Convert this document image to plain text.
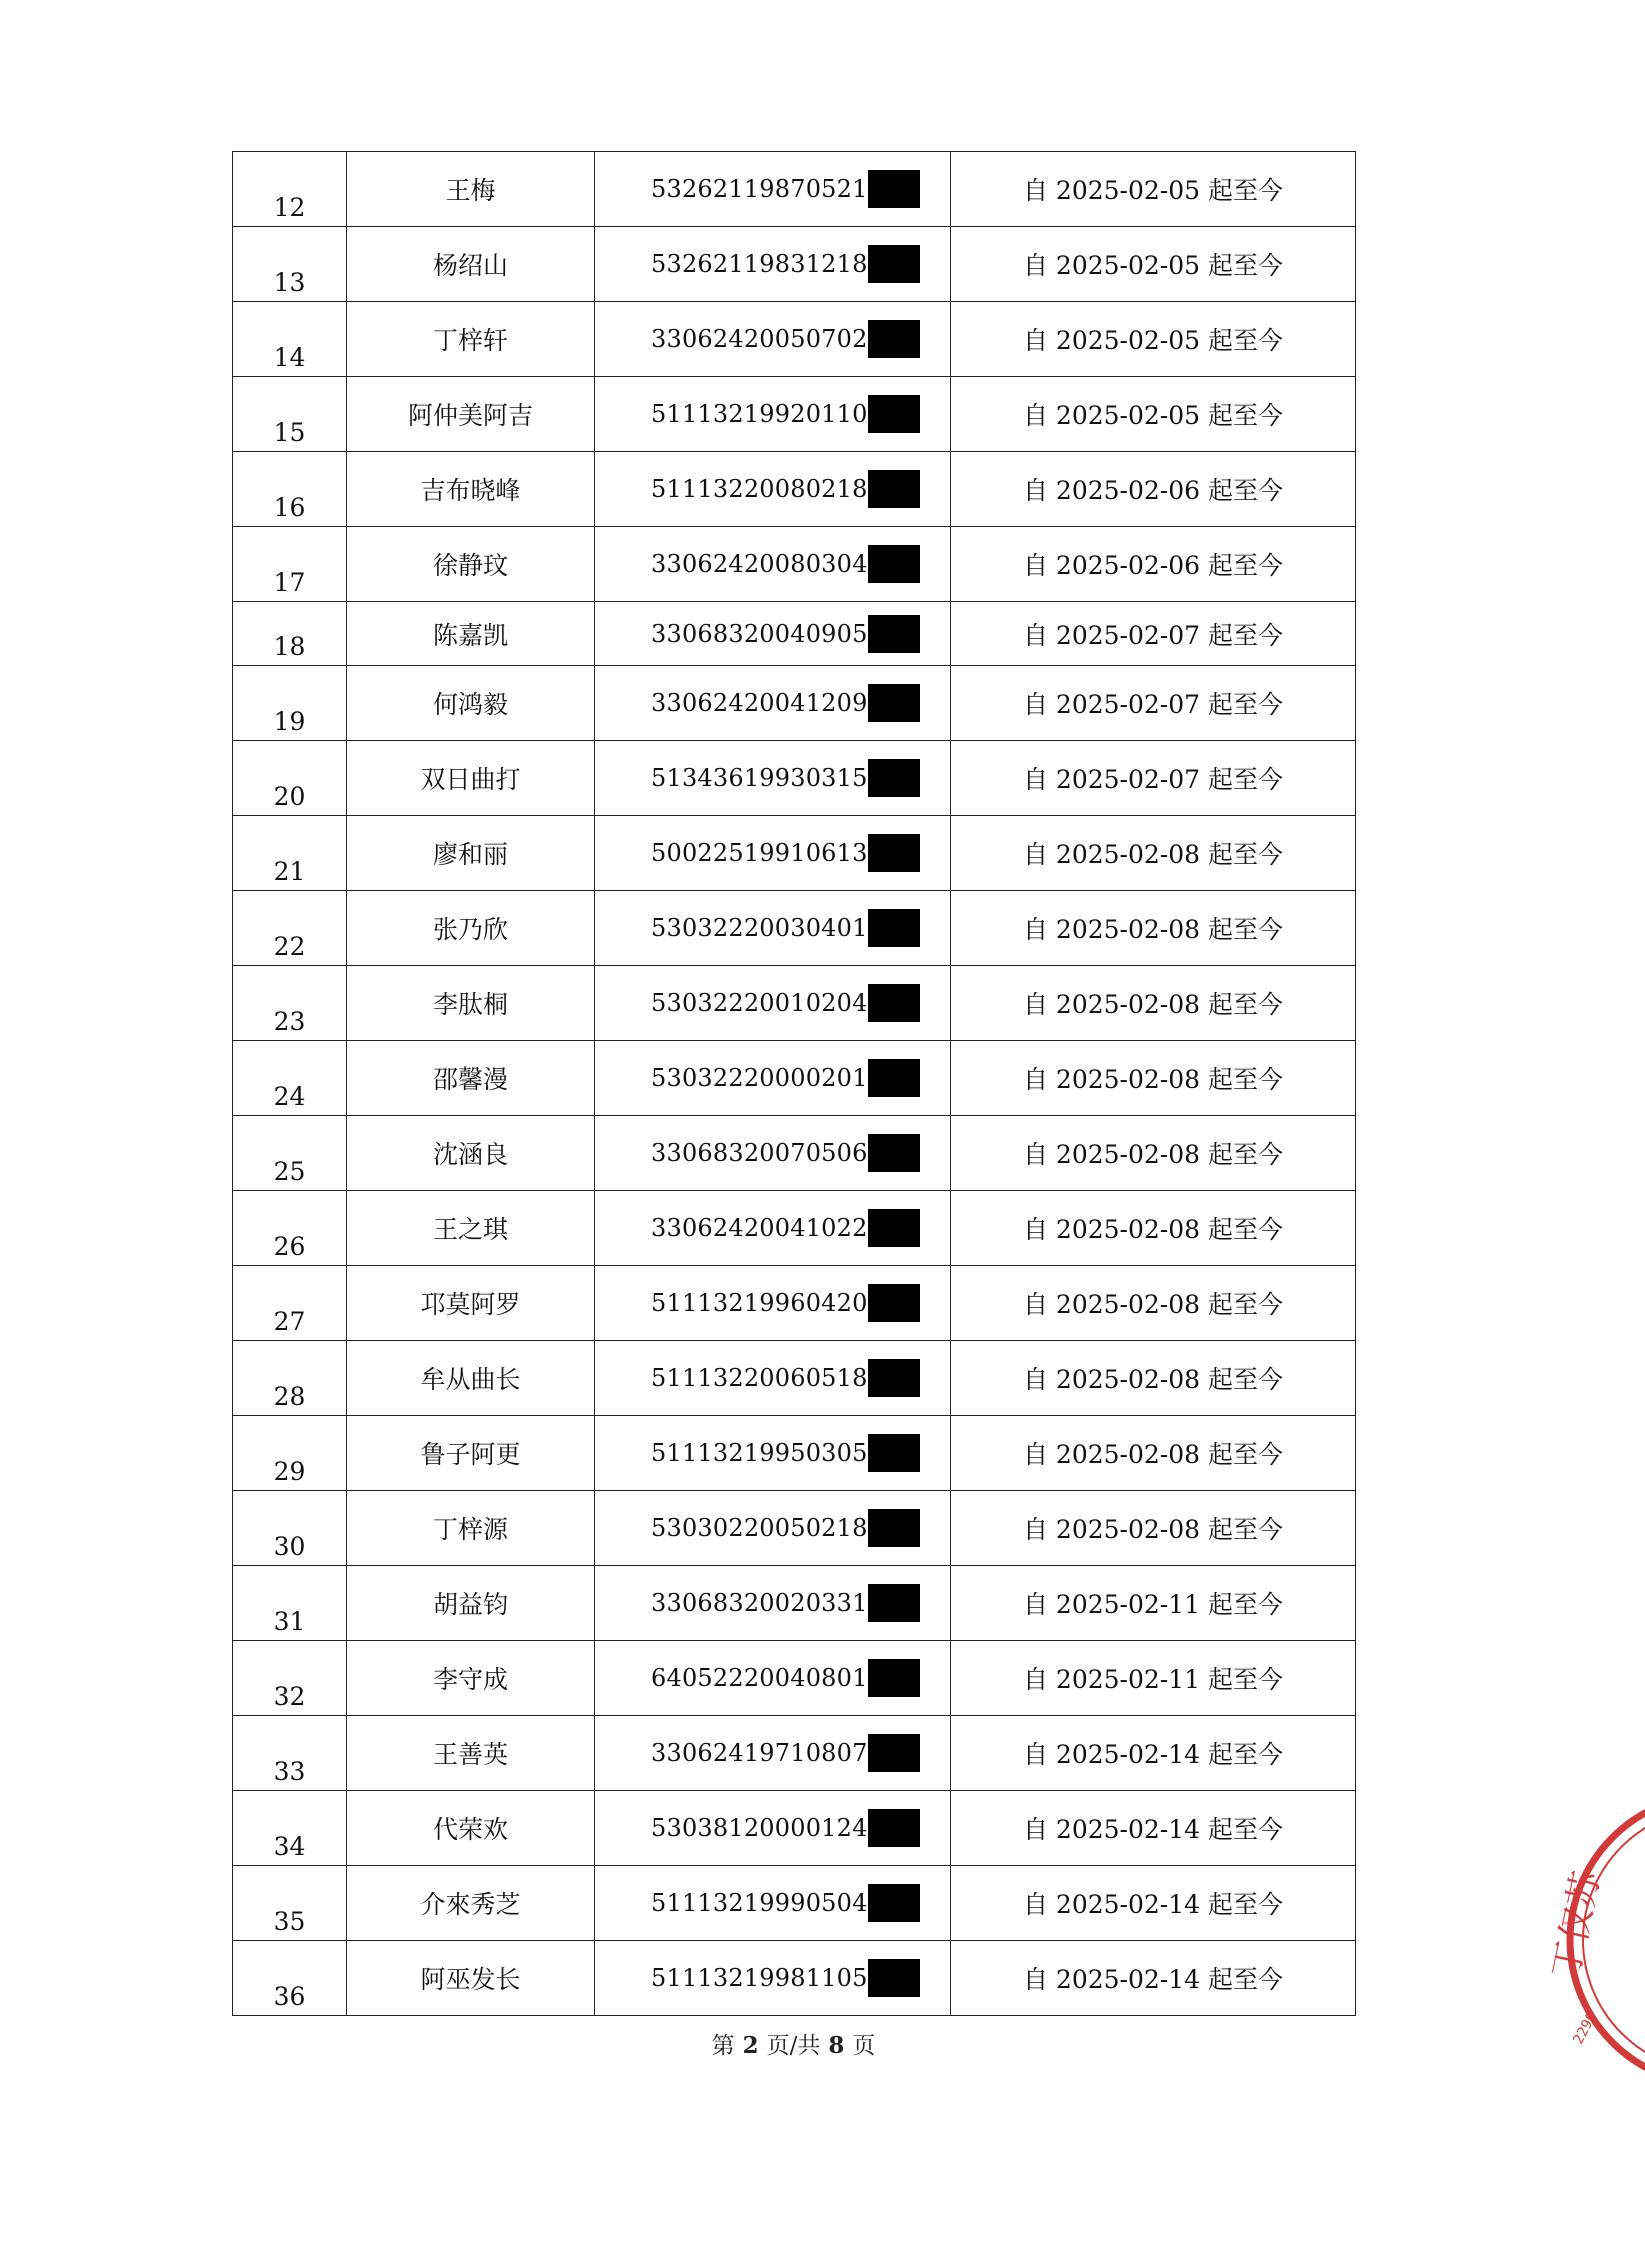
12	王梅	53262119870521	自 2025-02-05 起至今
13	杨绍山	53262119831218	自 2025-02-05 起至今
14	丁梓轩	33062420050702	自 2025-02-05 起至今
15	阿仲美阿吉	51113219920110	自 2025-02-05 起至今
16	吉布晓峰	51113220080218	自 2025-02-06 起至今
17	徐静玟	33062420080304	自 2025-02-06 起至今
18	陈嘉凯	33068320040905	自 2025-02-07 起至今
19	何鸿毅	33062420041209	自 2025-02-07 起至今
20	双日曲打	51343619930315	自 2025-02-07 起至今
21	廖和丽	50022519910613	自 2025-02-08 起至今
22	张乃欣	53032220030401	自 2025-02-08 起至今
23	李肽桐	53032220010204	自 2025-02-08 起至今
24	邵馨漫	53032220000201	自 2025-02-08 起至今
25	沈涵良	33068320070506	自 2025-02-08 起至今
26	王之琪	33062420041022	自 2025-02-08 起至今
27	邛莫阿罗	51113219960420	自 2025-02-08 起至今
28	牟从曲长	51113220060518	自 2025-02-08 起至今
29	鲁子阿更	51113219950305	自 2025-02-08 起至今
30	丁梓源	53030220050218	自 2025-02-08 起至今
31	胡益钧	33068320020331	自 2025-02-11 起至今
32	李守成	64052220040801	自 2025-02-11 起至今
33	王善英	33062419710807	自 2025-02-14 起至今
34	代荣欢	53038120000124	自 2025-02-14 起至今
35	介來秀芝	51113219990504	自 2025-02-14 起至今
36	阿巫发长	51113219981105	自 2025-02-14 起至今
第 2 页/共 8 页
丁仅苏
2290
